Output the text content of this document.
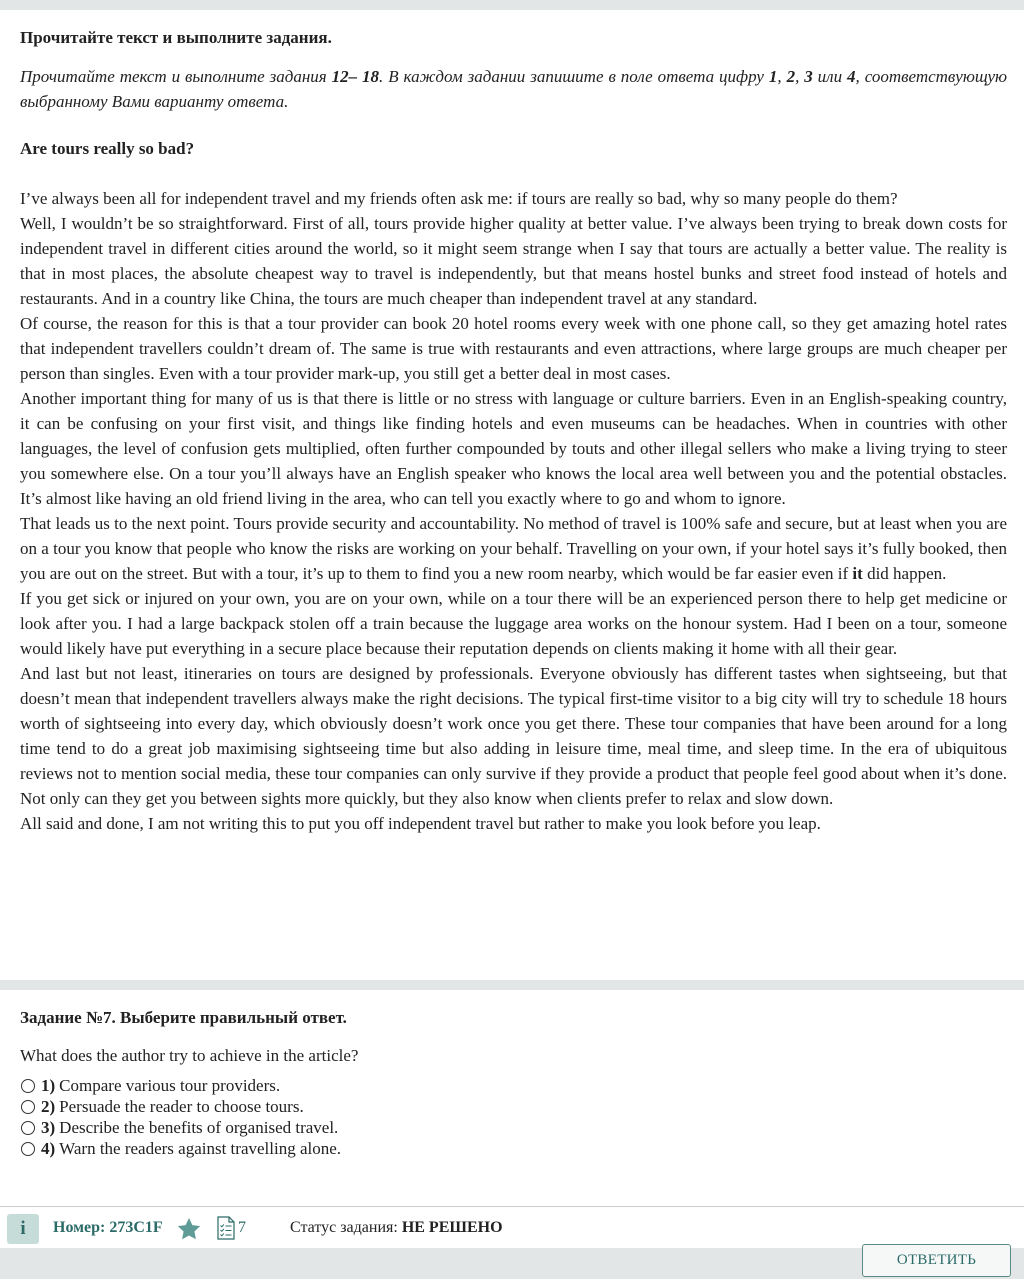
Прочитайте текст и выполните задания.

Прочитайте текст и выполните задания 12– 18. В каждом задании запишите в поле ответа цифру 1, 2, 3 или 4, соответствующую выбранному Вами варианту ответа.

Are tours really so bad?

I’ve always been all for independent travel and my friends often ask me: if tours are really so bad, why so many people do them?

Well, I wouldn’t be so straightforward. First of all, tours provide higher quality at better value. I’ve always been trying to break down costs for independent travel in different cities around the world, so it might seem strange when I say that tours are actually a better value. The reality is that in most places, the absolute cheapest way to travel is independently, but that means hostel bunks and street food instead of hotels and restaurants. And in a country like China, the tours are much cheaper than independent travel at any standard.

Of course, the reason for this is that a tour provider can book 20 hotel rooms every week with one phone call, so they get amazing hotel rates that independent travellers couldn’t dream of. The same is true with restaurants and even attractions, where large groups are much cheaper per person than singles. Even with a tour provider mark-up, you still get a better deal in most cases.

Another important thing for many of us is that there is little or no stress with language or culture barriers. Even in an English-speaking country, it can be confusing on your first visit, and things like finding hotels and even museums can be headaches. When in countries with other languages, the level of confusion gets multiplied, often further compounded by touts and other illegal sellers who make a living trying to steer you somewhere else. On a tour you’ll always have an English speaker who knows the local area well between you and the potential obstacles. It’s almost like having an old friend living in the area, who can tell you exactly where to go and whom to ignore.

That leads us to the next point. Tours provide security and accountability. No method of travel is 100% safe and secure, but at least when you are on a tour you know that people who know the risks are working on your behalf. Travelling on your own, if your hotel says it’s fully booked, then you are out on the street. But with a tour, it’s up to them to find you a new room nearby, which would be far easier even if it did happen.

If you get sick or injured on your own, you are on your own, while on a tour there will be an experienced person there to help get medicine or look after you. I had a large backpack stolen off a train because the luggage area works on the honour system. Had I been on a tour, someone would likely have put everything in a secure place because their reputation depends on clients making it home with all their gear.

And last but not least, itineraries on tours are designed by professionals. Everyone obviously has different tastes when sightseeing, but that doesn’t mean that independent travellers always make the right decisions. The typical first-time visitor to a big city will try to schedule 18 hours worth of sightseeing into every day, which obviously doesn’t work once you get there. These tour companies that have been around for a long time tend to do a great job maximising sightseeing time but also adding in leisure time, meal time, and sleep time. In the era of ubiquitous reviews not to mention social media, these tour companies can only survive if they provide a product that people feel good about when it’s done. Not only can they get you between sights more quickly, but they also know when clients prefer to relax and slow down.

All said and done, I am not writing this to put you off independent travel but rather to make you look before you leap.

Задание №7. Выберите правильный ответ.

What does the author try to achieve in the article?

1) Compare various tour providers.
2) Persuade the reader to choose tours.
3) Describe the benefits of organised travel.
4) Warn the readers against travelling alone.
i	Номер: 273C1F	7	Статус задания: НЕ РЕШЕНО
ОТВЕТИТЬ
